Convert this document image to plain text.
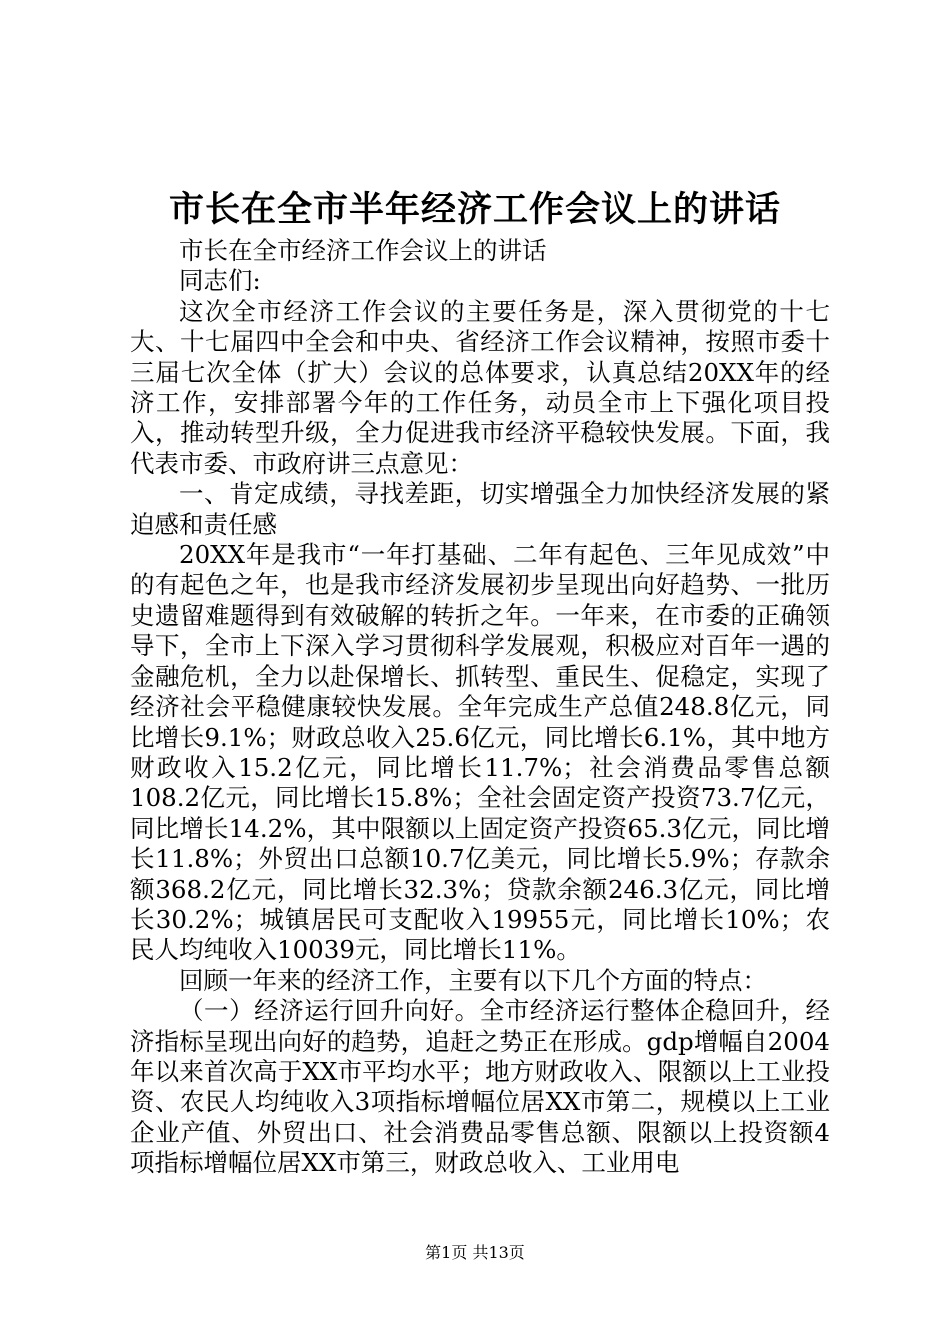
市长在全市半年经济工作会议上的讲话

市长在全市经济工作会议上的讲话

同志们:

这次全市经济工作会议的主要任务是，深入贯彻党的十七大、十七届四中全会和中央、省经济工作会议精神，按照市委十三届七次全体（扩大）会议的总体要求，认真总结20XX年的经济工作，安排部署今年的工作任务，动员全市上下强化项目投入，推动转型升级，全力促进我市经济平稳较快发展。下面，我代表市委、市政府讲三点意见：

一、肯定成绩，寻找差距，切实增强全力加快经济发展的紧迫感和责任感

20XX年是我市“一年打基础、二年有起色、三年见成效”中的有起色之年，也是我市经济发展初步呈现出向好趋势、一批历史遗留难题得到有效破解的转折之年。一年来，在市委的正确领导下，全市上下深入学习贯彻科学发展观，积极应对百年一遇的金融危机，全力以赴保增长、抓转型、重民生、促稳定，实现了经济社会平稳健康较快发展。全年完成生产总值248.8亿元，同比增长9.1%；财政总收入25.6亿元，同比增长6.1%，其中地方财政收入15.2亿元，同比增长11.7%；社会消费品零售总额108.2亿元，同比增长15.8%；全社会固定资产投资73.7亿元，同比增长14.2%，其中限额以上固定资产投资65.3亿元，同比增长11.8%；外贸出口总额10.7亿美元，同比增长5.9%；存款余额368.2亿元，同比增长32.3%；贷款余额246.3亿元，同比增长30.2%；城镇居民可支配收入19955元，同比增长10%；农民人均纯收入10039元，同比增长11%。

回顾一年来的经济工作，主要有以下几个方面的特点：

（一）经济运行回升向好。全市经济运行整体企稳回升，经济指标呈现出向好的趋势，追赶之势正在形成。gdp增幅自2004年以来首次高于XX市平均水平；地方财政收入、限额以上工业投资、农民人均纯收入3项指标增幅位居XX市第二，规模以上工业企业产值、外贸出口、社会消费品零售总额、限额以上投资额4项指标增幅位居XX市第三，财政总收入、工业用电

第1页 共13页
